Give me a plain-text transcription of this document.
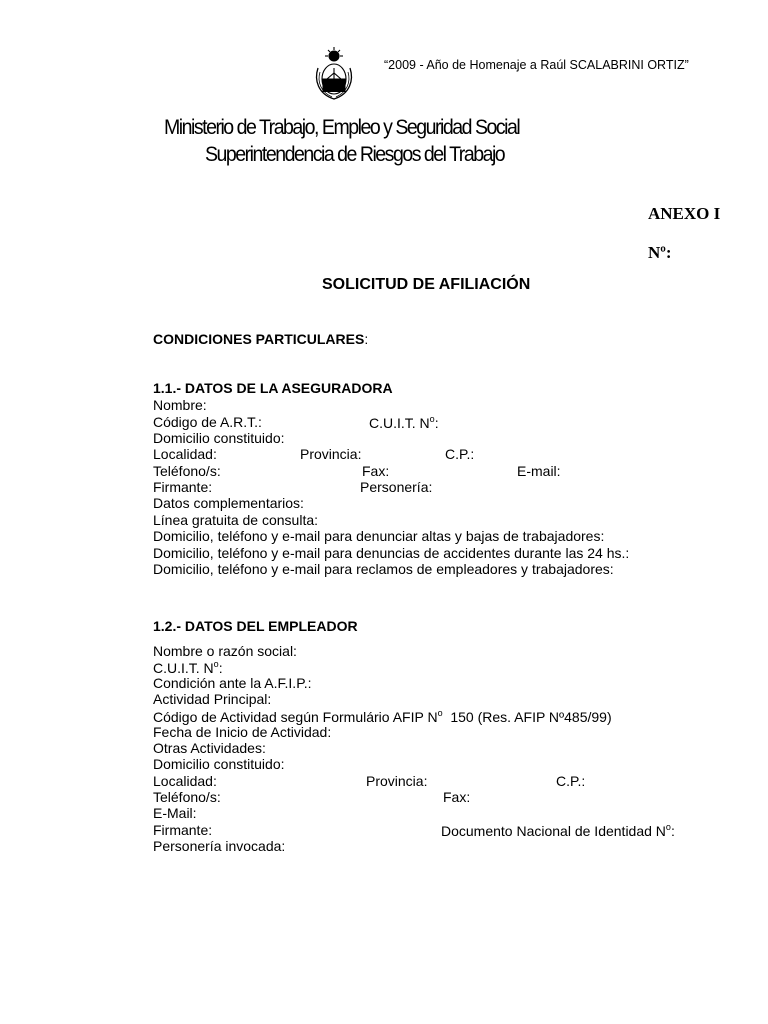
“2009 - Año de Homenaje a Raúl SCALABRINI ORTIZ”
Ministerio de Trabajo, Empleo y Seguridad Social
Superintendencia de Riesgos del Trabajo
ANEXO I
Nº:
SOLICITUD DE AFILIACIÓN
CONDICIONES PARTICULARES:
1.1.- DATOS DE LA ASEGURADORA
Nombre:
Código de A.R.T.:	C.U.I.T. $N^o$:
Domicilio constituido:
Localidad:	Provincia:	C.P.:
Teléfono/s:	Fax:	E-mail:
Firmante:	Personería:
Datos complementarios:
Línea gratuita de consulta:
Domicilio, teléfono y e-mail para denunciar altas y bajas de trabajadores:
Domicilio, teléfono y e-mail para denuncias de accidentes durante las 24 hs.:
Domicilio, teléfono y e-mail para reclamos de empleadores y trabajadores:
1.2.- DATOS DEL EMPLEADOR
Nombre o razón social:
C.U.I.T. $N^o$:
Condición ante la A.F.I.P.:
Actividad Principal:
Código de Actividad según Formulário AFIP $N^o$ 150 (Res. AFIP Nº485/99)
Fecha de Inicio de Actividad:
Otras Actividades:
Domicilio constituido:
Localidad:	Provincia:	C.P.:
Teléfono/s:	Fax:
E-Mail:
Firmante:	Documento Nacional de Identidad $N^o$:
Personería invocada:
